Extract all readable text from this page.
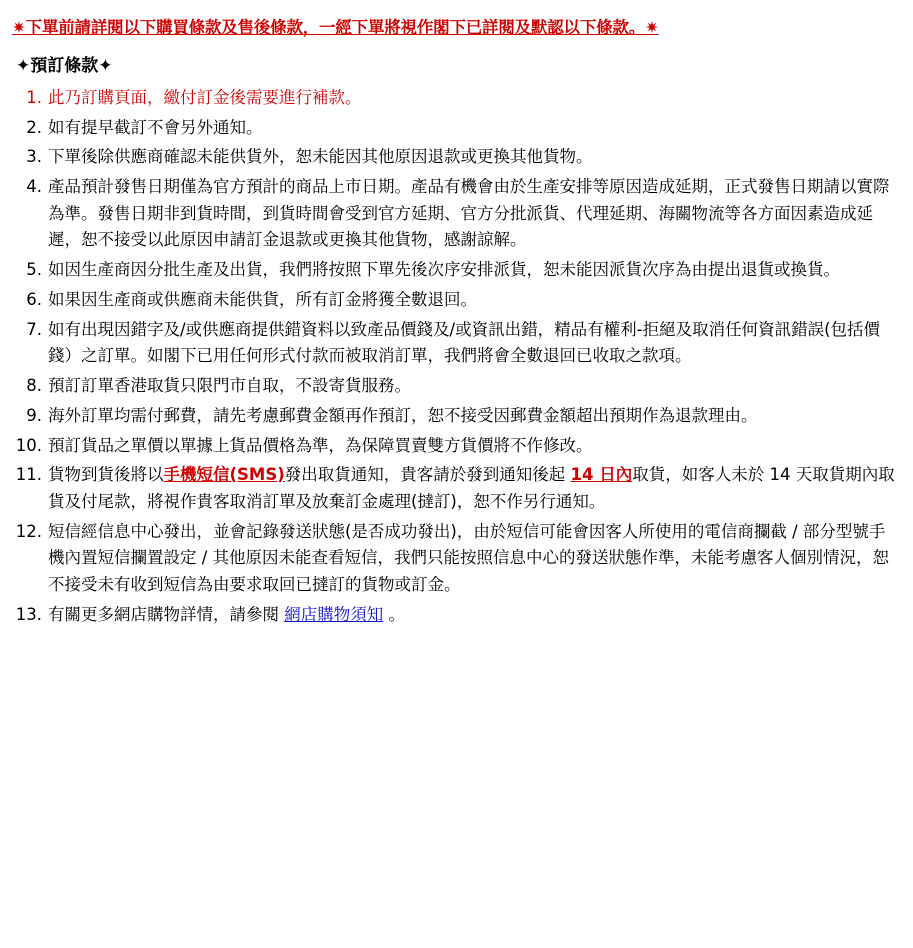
✷下單前請詳閱以下購買條款及售後條款，一經下單將視作閣下已詳閱及默認以下條款。✷
✦預訂條款✦
此乃訂購頁面，繳付訂金後需要進行補款。
如有提早截訂不會另外通知。
下單後除供應商確認未能供貨外，恕未能因其他原因退款或更換其他貨物。
產品預計發售日期僅為官方預計的商品上市日期。產品有機會由於生產安排等原因造成延期，正式發售日期請以實際為準。發售日期非到貨時間，到貨時間會受到官方延期、官方分批派貨、代理延期、海關物流等各方面因素造成延遲，恕不接受以此原因申請訂金退款或更換其他貨物，感謝諒解。
如因生產商因分批生產及出貨，我們將按照下單先後次序安排派貨，恕未能因派貨次序為由提出退貨或換貨。
如果因生產商或供應商未能供貨，所有訂金將獲全數退回。
如有出現因錯字及/或供應商提供錯資料以致產品價錢及/或資訊出錯，精品有權利-拒絕及取消任何資訊錯誤(包括價錢）之訂單。如閣下已用任何形式付款而被取消訂單，我們將會全數退回已收取之款項。
預訂訂單香港取貨只限門市自取，不設寄貨服務。
海外訂單均需付郵費，請先考慮郵費金額再作預訂，恕不接受因郵費金額超出預期作為退款理由。
預訂貨品之單價以單據上貨品價格為準，為保障買賣雙方貨價將不作修改。
貨物到貨後將以手機短信(SMS)發出取貨通知，貴客請於發到通知後起 14 日內取貨，如客人未於 14 天取貨期內取貨及付尾款，將視作貴客取消訂單及放棄訂金處理(撻訂)，恕不作另行通知。
短信經信息中心發出，並會記錄發送狀態(是否成功發出)，由於短信可能會因客人所使用的電信商攔截 / 部分型號手機內置短信攔置設定 / 其他原因未能查看短信，我們只能按照信息中心的發送狀態作準，未能考慮客人個別情況，恕不接受未有收到短信為由要求取回已撻訂的貨物或訂金。
有關更多網店購物詳情，請參閱 網店購物須知 。
